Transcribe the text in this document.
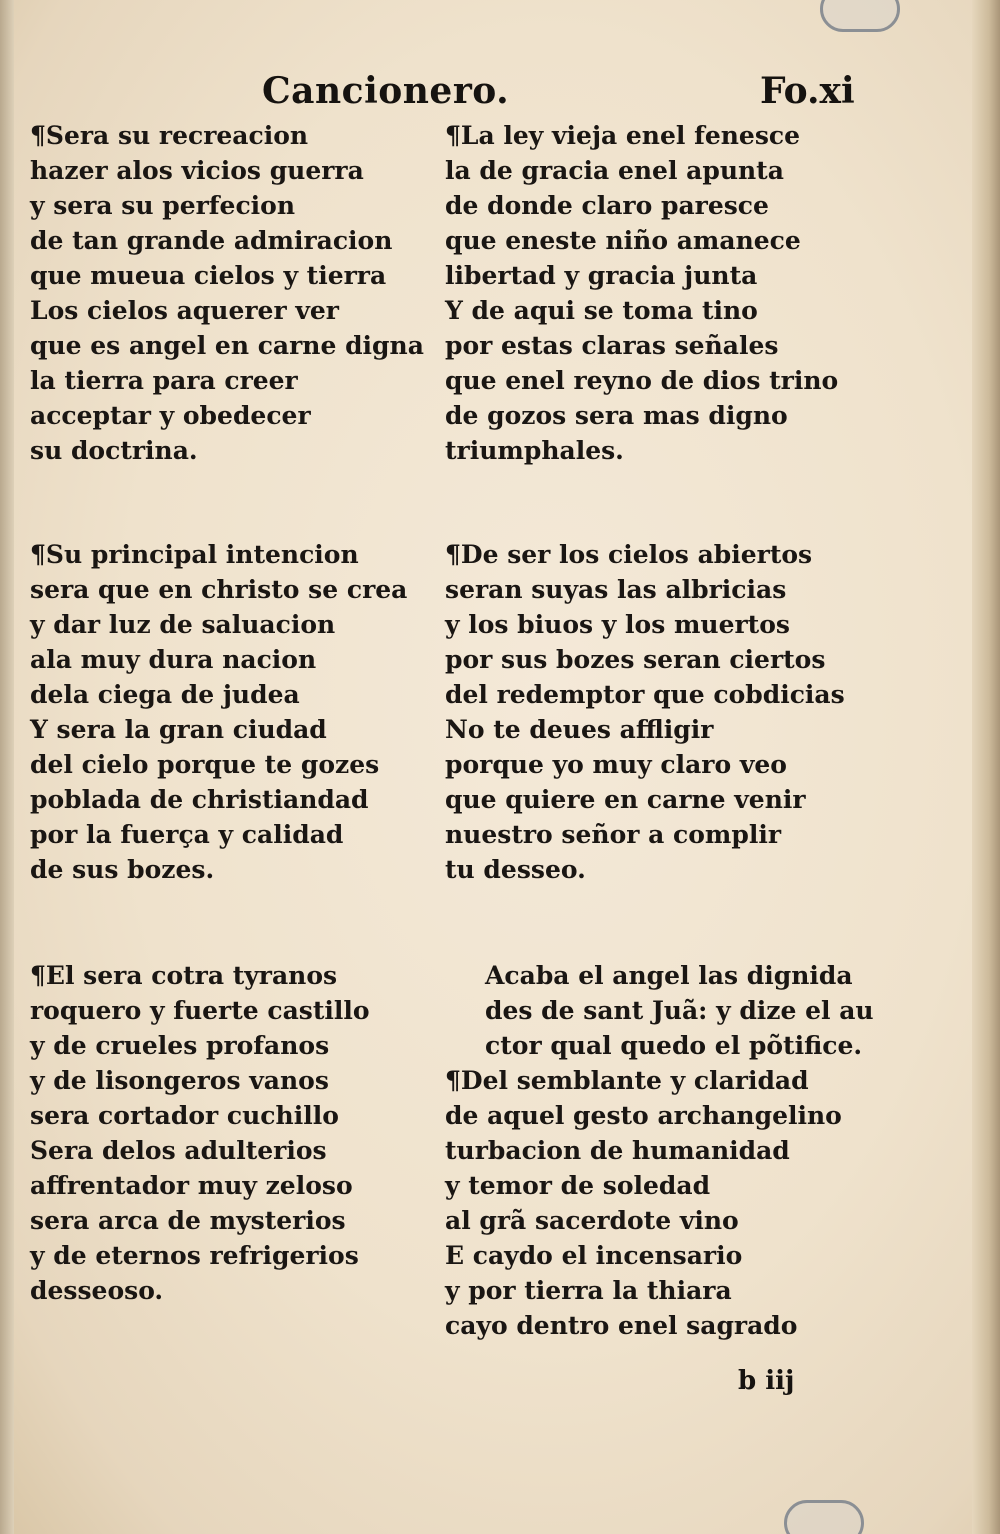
Cancionero.	Fo.xi
¶Sera su recreacion
hazer alos vicios guerra
y sera su perfecion
de tan grande admiracion
que mueua cielos y tierra
Los cielos aquerer ver
que es angel en carne digna
la tierra para creer
acceptar y obedecer
su doctrina.
¶Su principal intencion
sera que en christo se crea
y dar luz de saluacion
ala muy dura nacion
dela ciega de judea
Y sera la gran ciudad
del cielo porque te gozes
poblada de christiandad
por la fuerça y calidad
de sus bozes.
¶El sera cotra tyranos
roquero y fuerte castillo
y de crueles profanos
y de lisongeros vanos
sera cortador cuchillo
Sera delos adulterios
affrentador muy zeloso
sera arca de mysterios
y de eternos refrigerios
desseoso.
¶La ley vieja enel fenesce
la de gracia enel apunta
de donde claro paresce
que eneste niño amanece
libertad y gracia junta
Y de aqui se toma tino
por estas claras señales
que enel reyno de dios trino
de gozos sera mas digno
triumphales.
¶De ser los cielos abiertos
seran suyas las albricias
y los biuos y los muertos
por sus bozes seran ciertos
del redemptor que cobdicias
No te deues affligir
porque yo muy claro veo
que quiere en carne venir
nuestro señor a complir
tu desseo.
Acaba el angel las dignida
des de sant Juã: y dize el au
ctor qual quedo el põtifice.
¶Del semblante y claridad
de aquel gesto archangelino
turbacion de humanidad
y temor de soledad
al grã sacerdote vino
E caydo el incensario
y por tierra la thiara
cayo dentro enel sagrado
b iij
